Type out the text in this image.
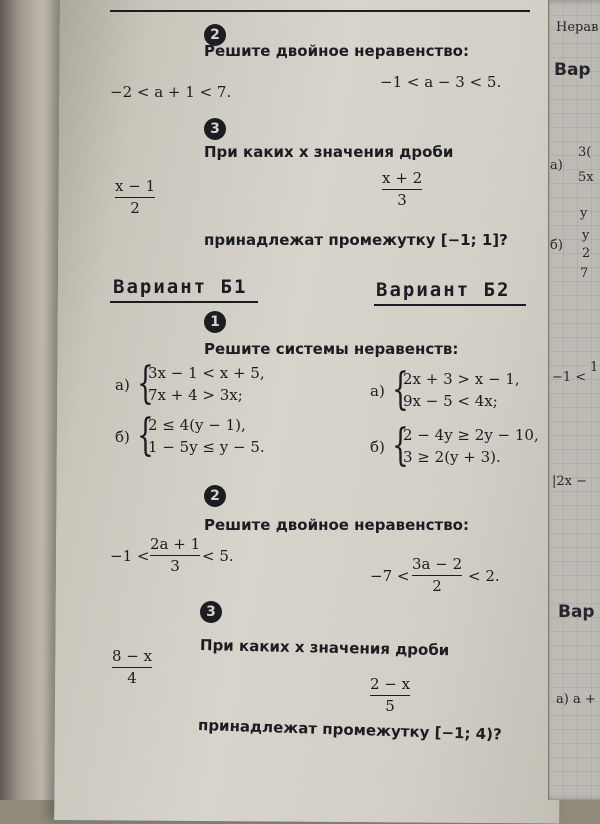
2
Решите двойное неравенство:
−2 < a + 1 < 7.
−1 < a − 3 < 5.
3
При каких x значения дроби
x − 1
2
x + 2
3
принадлежат промежутку [−1; 1]?
Вариант Б1	Вариант Б2
1
Решите системы неравенств:
а) {
3x − 1 < x + 5,
7x + 4 > 3x;
б) {
2 ≤ 4(y − 1),
1 − 5y ≤ y − 5.
а) {
2x + 3 > x − 1,
9x − 5 < 4x;
б) {
2 − 4y ≥ 2y − 10,
3 ≥ 2(y + 3).
2
Решите двойное неравенство:
−1 <
2a + 1
3
< 5.
−7 <
3a − 2
2
< 2.
3
При каких x значения дроби
8 − x
4	2 − x
5
принадлежат промежутку [−1; 4)?
Нерав
Вар
а)
3(
5x
б)
y
y
2
7
−1 <
1
|2x −
Вар
а) a +
